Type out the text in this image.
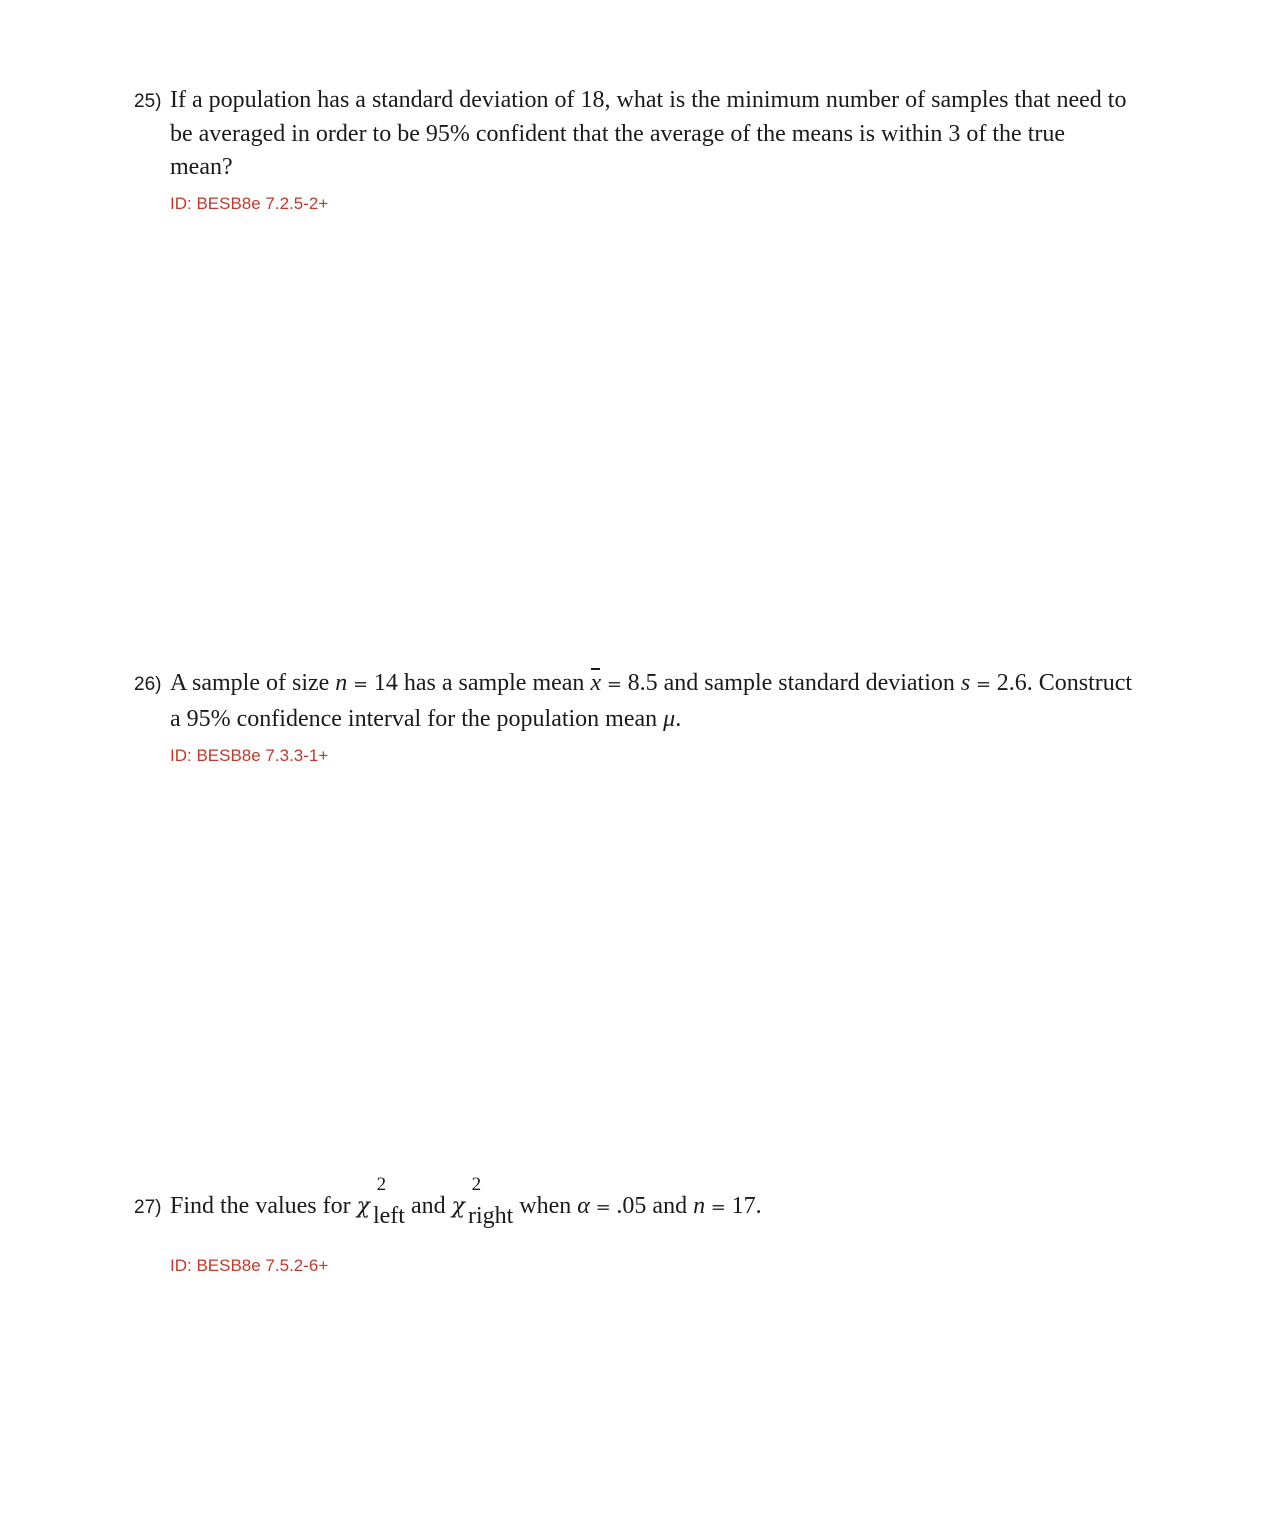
25) If a population has a standard deviation of 18, what is the minimum number of samples that need to
be averaged in order to be 95% confident that the average of the means is within 3 of the true
mean?
ID: BESB8e 7.2.5-2+
26) A sample of size n = 14 has a sample mean x = 8.5 and sample standard deviation s = 2.6. Construct
a 95% confidence interval for the population mean μ.
ID: BESB8e 7.3.3-1+
27) Find the values for χ
2
left and χ
2
right when α = .05 and n = 17.
ID: BESB8e 7.5.2-6+
